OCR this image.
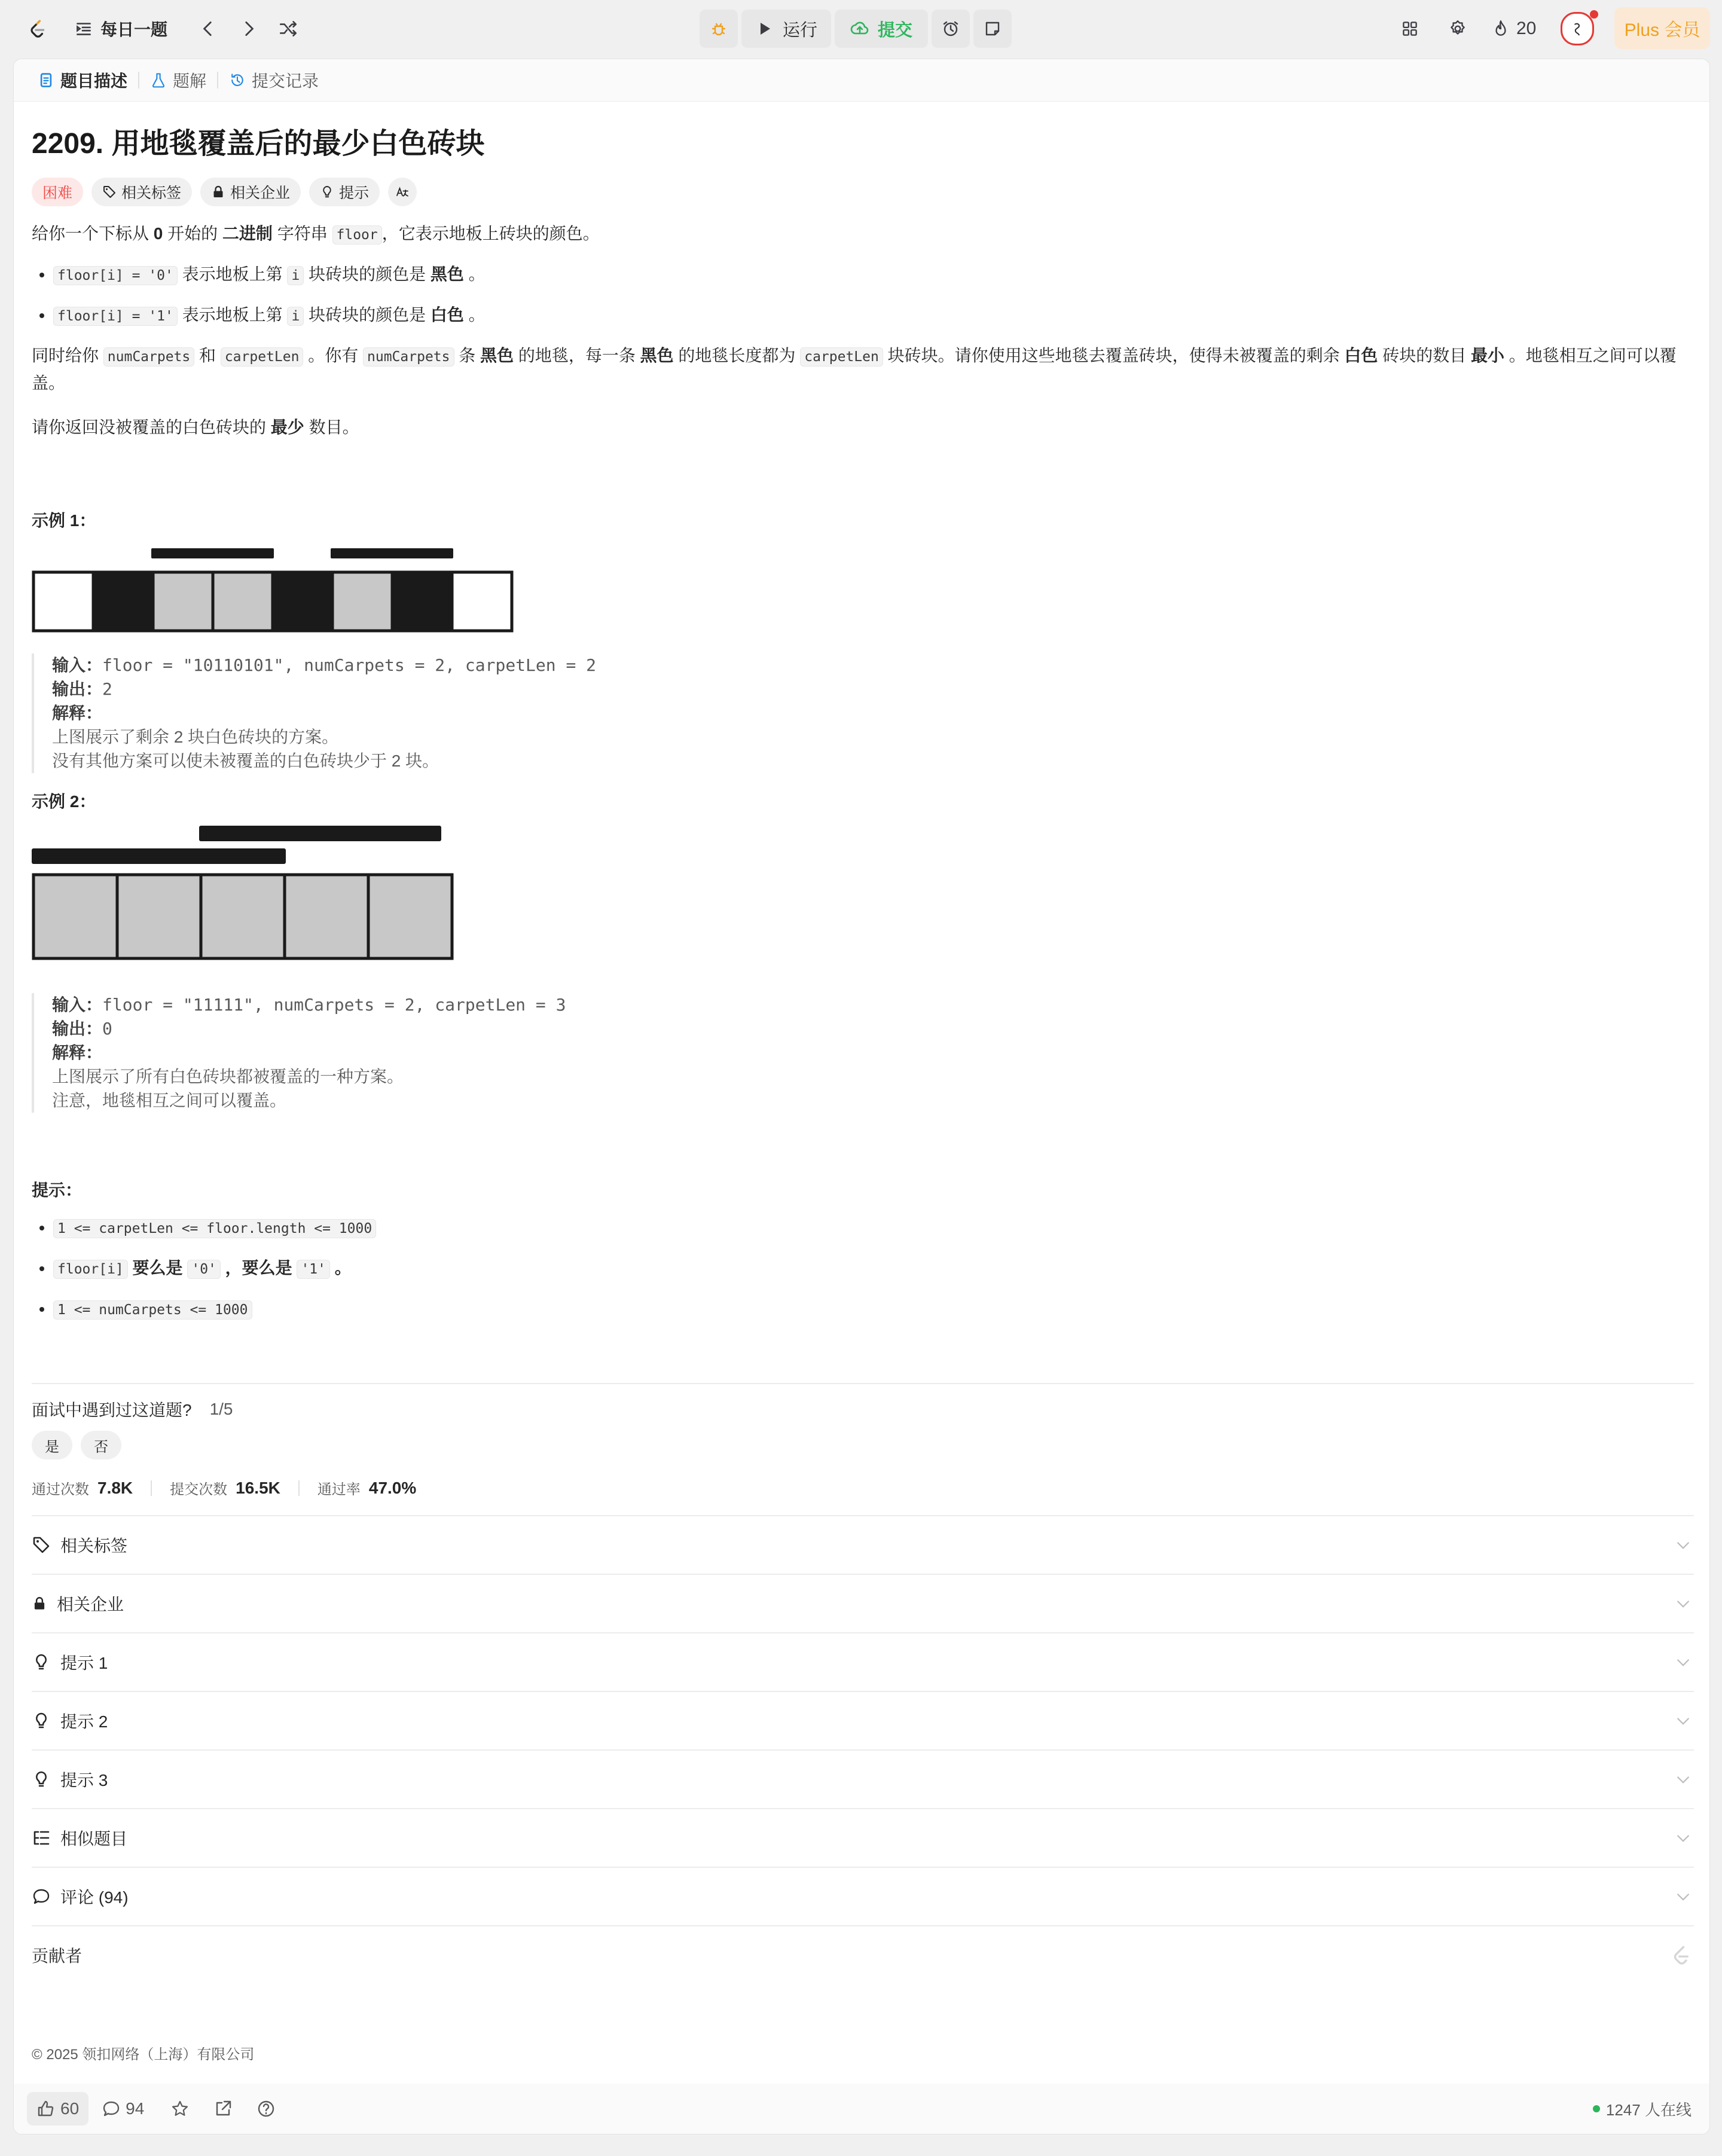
每日一题	运行	提交	20	Plus 会员
题目描述	题解	提交记录
2209. 用地毯覆盖后的最少白色砖块
困难	相关标签	相关企业	提示

给你一个下标从 0 开始的 二进制 字符串 floor ，它表示地板上砖块的颜色。

• floor[i] = '0' 表示地板上第 i 块砖块的颜色是 黑色 。
• floor[i] = '1' 表示地板上第 i 块砖块的颜色是 白色 。

同时给你 numCarpets 和 carpetLen 。你有 numCarpets 条 黑色 的地毯，每一条 黑色 的地毯长度都为 carpetLen 块砖块。请你使用这些地毯去覆盖砖块，使得未被覆盖的剩余 白色 砖块的数目 最小 。地毯相互之间可以覆盖。

请你返回没被覆盖的白色砖块的 最少 数目。

示例 1：
输入：floor = "10110101", numCarpets = 2, carpetLen = 2
输出：2
解释：
上图展示了剩余 2 块白色砖块的方案。
没有其他方案可以使未被覆盖的白色砖块少于 2 块。
示例 2：
输入：floor = "11111", numCarpets = 2, carpetLen = 3
输出：0
解释：
上图展示了所有白色砖块都被覆盖的一种方案。
注意，地毯相互之间可以覆盖。
提示：
• 1 <= carpetLen <= floor.length <= 1000
• floor[i] 要么是 '0' ，要么是 '1' 。
• 1 <= numCarpets <= 1000
面试中遇到过这道题? 1/5
是	否
通过次数 7.8K	提交次数 16.5K	通过率 47.0%
相关标签
相关企业
提示 1
提示 2
提示 3
相似题目
评论 (94)
贡献者
© 2025 领扣网络（上海）有限公司
60	94	1247 人在线
